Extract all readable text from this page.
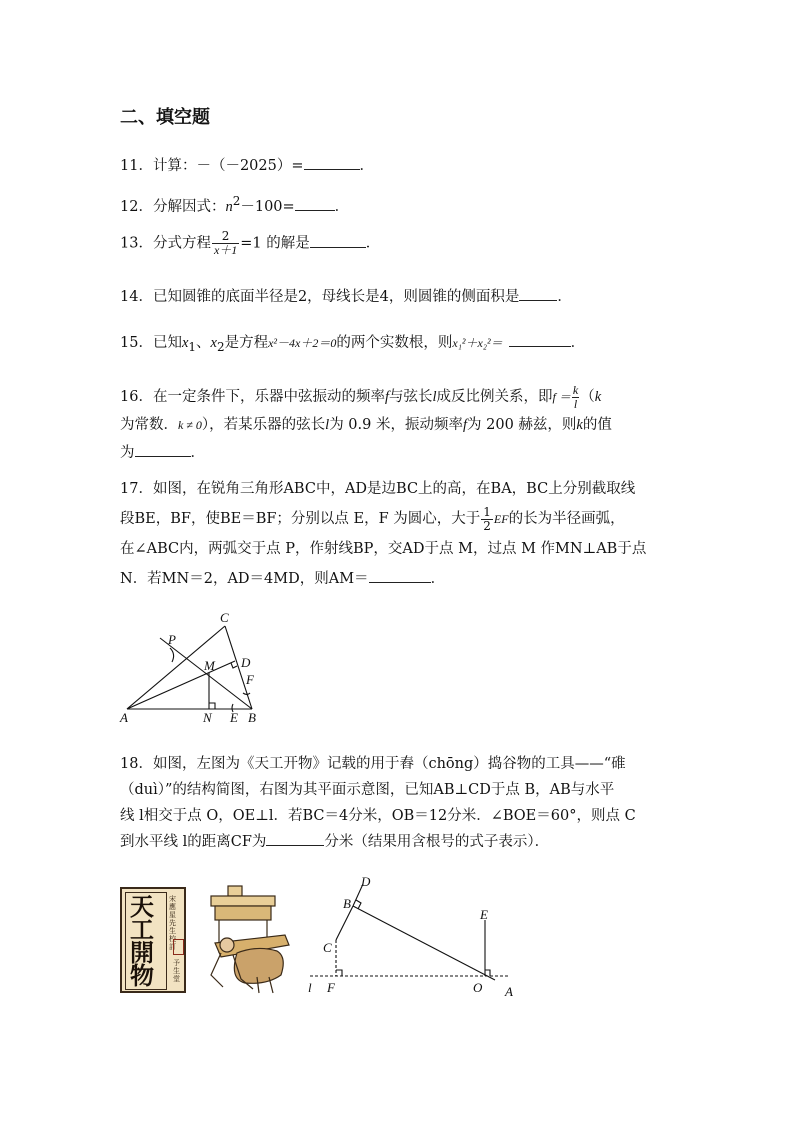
二、填空题
11．计算：－（－2025）=	．
12．分解因式：$n^2-100=$	．
13．分式方程 $\frac{2}{x+1} =1$ 的解是	．
14．已知圆锥的底面半径是2，母线长是4，则圆锥的侧面积是	．
15．已知$x_1$、$x_2$是方程x²－4x＋2＝0的两个实数根，则x₁²＋x₂²＝	．
16．在一定条件下，乐器中弦振动的频率f与弦长l成反比例关系，即$f = \frac{k}{l} (k$
为常数．k ≠ 0），若某乐器的弦长l为 0.9 米，振动频率f为 200 赫兹，则k的值
为	．
17．如图，在锐角三角形ABC中，AD是边BC上的高，在BA，BC上分别截取线
段BE，BF，使BE＝BF；分别以点 E，F 为圆心，大于 $\frac{1}{2}$ EF的长为半径画弧，
在∠ABC内，两弧交于点 P，作射线BP，交AD于点 M，过点 M 作MN⊥AB于点
N．若MN＝2，AD＝4MD，则AM＝	．
C
P
M D
F
A	N E B
18．如图，左图为《天工开物》记载的用于舂（chōng）捣谷物的工具——“碓
（duì）”的结构简图，右图为其平面示意图，已知AB⊥CD于点 B，AB与水平
线 l相交于点 O，OE⊥l．若BC＝4分米，OB＝12分米．∠BOE＝60°，则点 C
到水平线 l的距离CF为	分米（结果用含根号的式子表示）．
天
工
開
物
宋應星先生校訂
予生堂
D
B
C
E
l F	O A
